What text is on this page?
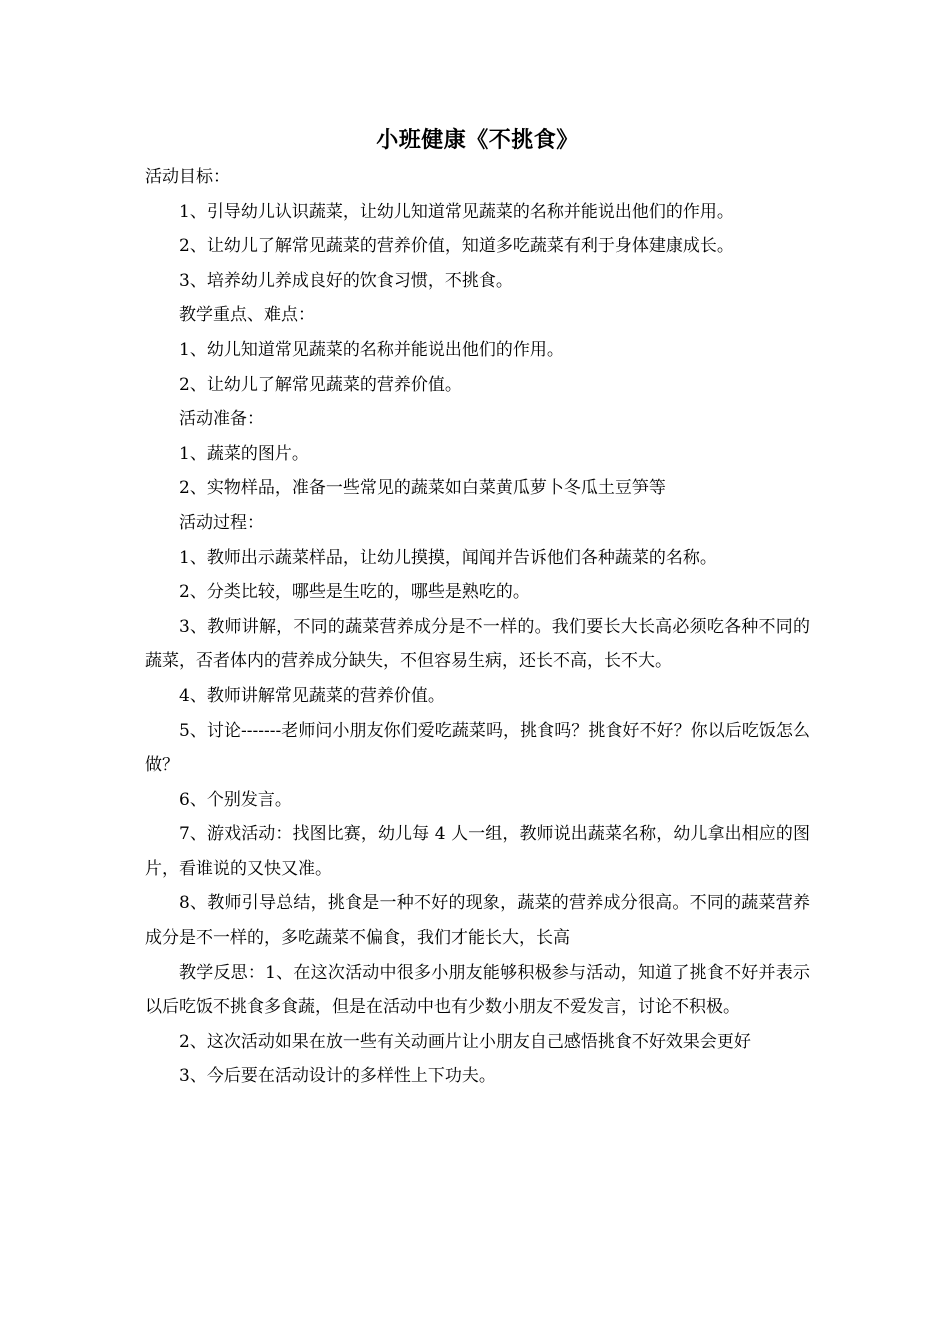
小班健康《不挑食》

活动目标：

1、引导幼儿认识蔬菜，让幼儿知道常见蔬菜的名称并能说出他们的作用。

2、让幼儿了解常见蔬菜的营养价值，知道多吃蔬菜有利于身体建康成长。

3、培养幼儿养成良好的饮食习惯，不挑食。

教学重点、难点：

1、幼儿知道常见蔬菜的名称并能说出他们的作用。

2、让幼儿了解常见蔬菜的营养价值。

活动准备：

1、蔬菜的图片。

2、实物样品，准备一些常见的蔬菜如白菜黄瓜萝卜冬瓜土豆笋等

活动过程：

1、教师出示蔬菜样品，让幼儿摸摸，闻闻并告诉他们各种蔬菜的名称。

2、分类比较，哪些是生吃的，哪些是熟吃的。

3、教师讲解，不同的蔬菜营养成分是不一样的。我们要长大长高必须吃各种不同的蔬菜，否者体内的营养成分缺失，不但容易生病，还长不高，长不大。

4、教师讲解常见蔬菜的营养价值。

5、讨论-------老师问小朋友你们爱吃蔬菜吗，挑食吗？挑食好不好？你以后吃饭怎么做？

6、个别发言。

7、游戏活动：找图比赛，幼儿每 4 人一组，教师说出蔬菜名称，幼儿拿出相应的图片，看谁说的又快又准。

8、教师引导总结，挑食是一种不好的现象，蔬菜的营养成分很高。不同的蔬菜营养成分是不一样的，多吃蔬菜不偏食，我们才能长大，长高

教学反思：1、在这次活动中很多小朋友能够积极参与活动，知道了挑食不好并表示以后吃饭不挑食多食蔬，但是在活动中也有少数小朋友不爱发言，讨论不积极。

2、这次活动如果在放一些有关动画片让小朋友自己感悟挑食不好效果会更好

3、今后要在活动设计的多样性上下功夫。
